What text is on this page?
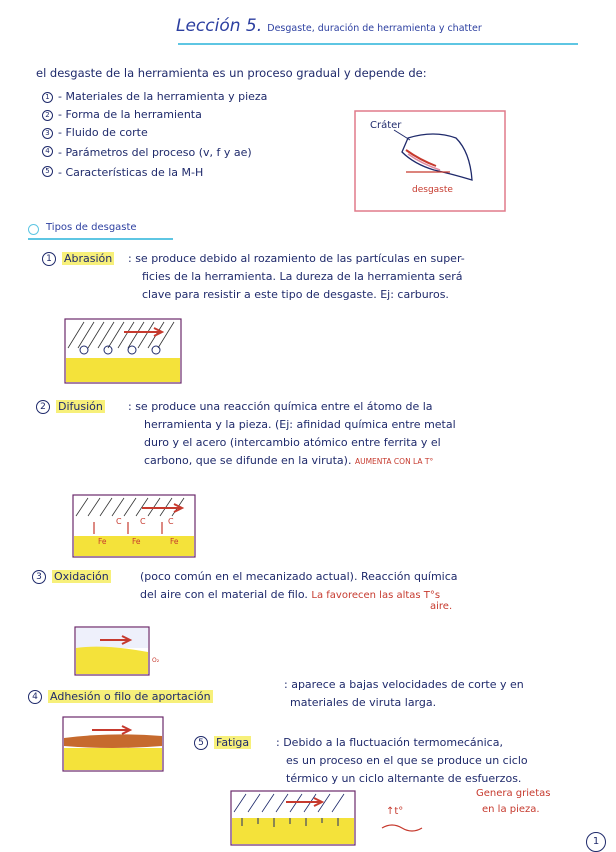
Lección 5. Desgaste, duración de herramienta y chatter
el desgaste de la herramienta es un proceso gradual y depende de:
1 - Materiales de la herramienta y pieza
2 - Forma de la herramienta
3 - Fluido de corte
4 - Parámetros del proceso (v, f y ae)
5 - Características de la M-H
Cráter
desgaste
Tipos de desgaste
1	Abrasión : se produce debido al rozamiento de las partículas en super-
ficies de la herramienta. La dureza de la herramienta será
clave para resistir a este tipo de desgaste. Ej: carburos.
2	Difusión : se produce una reacción química entre el átomo de la
herramienta y la pieza. (Ej: afinidad química entre metal
duro y el acero (intercambio atómico entre ferrita y el
carbono, que se difunde en la viruta). AUMENTA CON LA T°
C C	C
Fe	Fe	Fe
3	Oxidación	(poco común en el mecanizado actual). Reacción química
del aire con el material de filo. La favorecen las altas T°s
aire.
O₂
4	Adhesión o filo de aportación
: aparece a bajas velocidades de corte y en
materiales de viruta larga.
5	Fatiga : Debido a la fluctuación termomecánica,
es un proceso en el que se produce un ciclo
térmico y un ciclo alternante de esfuerzos.
Genera grietas
en la pieza.
↑t°
1
